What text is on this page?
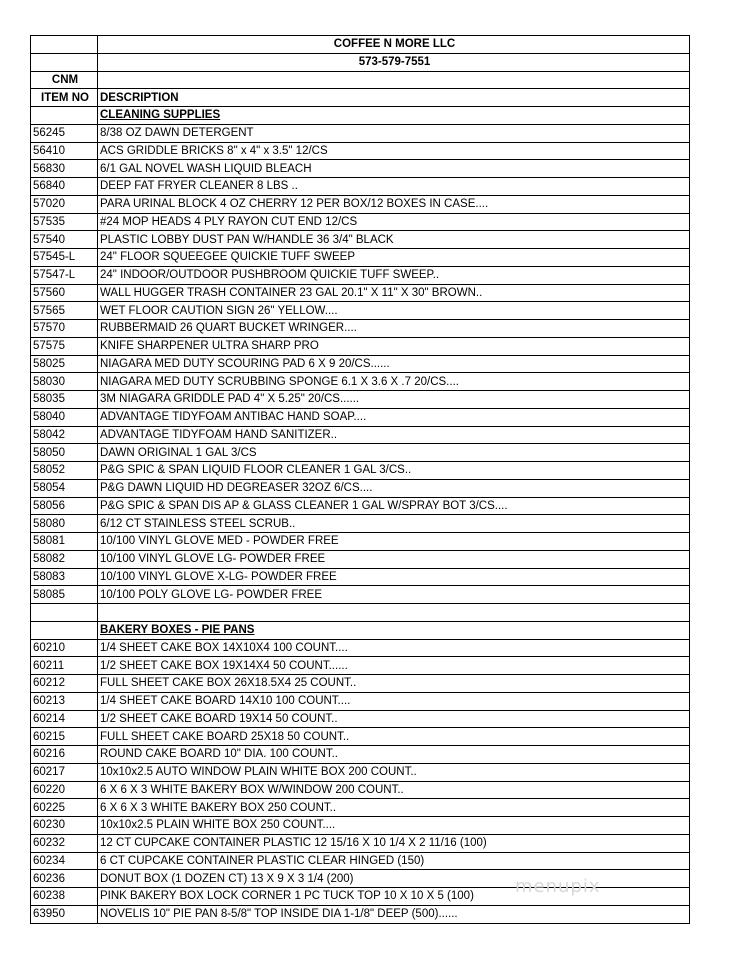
	COFFEE N MORE LLC
	573-579-7551
CNM	
ITEM NO	DESCRIPTION
	CLEANING SUPPLIES
56245	8/38 OZ DAWN DETERGENT
56410	ACS GRIDDLE BRICKS 8" x 4" x 3.5" 12/CS
56830	6/1 GAL NOVEL WASH LIQUID BLEACH
56840	DEEP FAT FRYER CLEANER 8 LBS ..
57020	PARA URINAL BLOCK 4 OZ CHERRY 12 PER BOX/12 BOXES IN CASE....
57535	#24 MOP HEADS 4 PLY RAYON CUT END 12/CS
57540	PLASTIC LOBBY DUST PAN W/HANDLE 36 3/4" BLACK
57545-L	24" FLOOR SQUEEGEE QUICKIE TUFF SWEEP
57547-L	24" INDOOR/OUTDOOR PUSHBROOM QUICKIE TUFF SWEEP..
57560	WALL HUGGER TRASH CONTAINER 23 GAL 20.1" X 11" X 30" BROWN..
57565	WET FLOOR CAUTION SIGN 26" YELLOW....
57570	RUBBERMAID 26 QUART BUCKET WRINGER....
57575	KNIFE SHARPENER ULTRA SHARP PRO
58025	NIAGARA MED DUTY SCOURING PAD 6 X 9 20/CS......
58030	NIAGARA MED DUTY SCRUBBING SPONGE 6.1 X 3.6 X .7 20/CS....
58035	3M NIAGARA GRIDDLE PAD 4" X 5.25" 20/CS......
58040	ADVANTAGE TIDYFOAM ANTIBAC HAND SOAP....
58042	ADVANTAGE TIDYFOAM HAND SANITIZER..
58050	DAWN ORIGINAL 1 GAL 3/CS
58052	P&G SPIC & SPAN LIQUID FLOOR CLEANER 1 GAL 3/CS..
58054	P&G DAWN LIQUID HD DEGREASER 32OZ 6/CS....
58056	P&G SPIC & SPAN DIS AP & GLASS CLEANER 1 GAL W/SPRAY BOT 3/CS....
58080	6/12 CT STAINLESS STEEL SCRUB..
58081	10/100 VINYL GLOVE MED - POWDER FREE
58082	10/100 VINYL GLOVE LG- POWDER FREE
58083	10/100 VINYL GLOVE X-LG- POWDER FREE
58085	10/100 POLY GLOVE LG- POWDER FREE

	BAKERY BOXES - PIE PANS
60210	1/4 SHEET CAKE BOX 14X10X4 100 COUNT....
60211	1/2 SHEET CAKE BOX 19X14X4 50 COUNT......
60212	FULL SHEET CAKE BOX 26X18.5X4 25 COUNT..
60213	1/4 SHEET CAKE BOARD 14X10 100 COUNT....
60214	1/2 SHEET CAKE BOARD 19X14 50 COUNT..
60215	FULL SHEET CAKE BOARD 25X18 50 COUNT..
60216	ROUND CAKE BOARD 10" DIA. 100 COUNT..
60217	10x10x2.5 AUTO WINDOW PLAIN WHITE BOX 200 COUNT..
60220	6 X 6 X 3 WHITE BAKERY BOX W/WINDOW 200 COUNT..
60225	6 X 6 X 3 WHITE BAKERY BOX 250 COUNT..
60230	10x10x2.5 PLAIN WHITE BOX 250 COUNT....
60232	12 CT CUPCAKE CONTAINER PLASTIC 12 15/16 X 10 1/4 X 2 11/16 (100)
60234	6 CT CUPCAKE CONTAINER PLASTIC CLEAR HINGED (150)
60236	DONUT BOX (1 DOZEN CT) 13 X 9 X 3 1/4 (200)
60238	PINK BAKERY BOX LOCK CORNER 1 PC TUCK TOP 10 X 10 X 5 (100)
63950	NOVELIS 10" PIE PAN 8-5/8" TOP INSIDE DIA 1-1/8" DEEP (500)......
menupix
